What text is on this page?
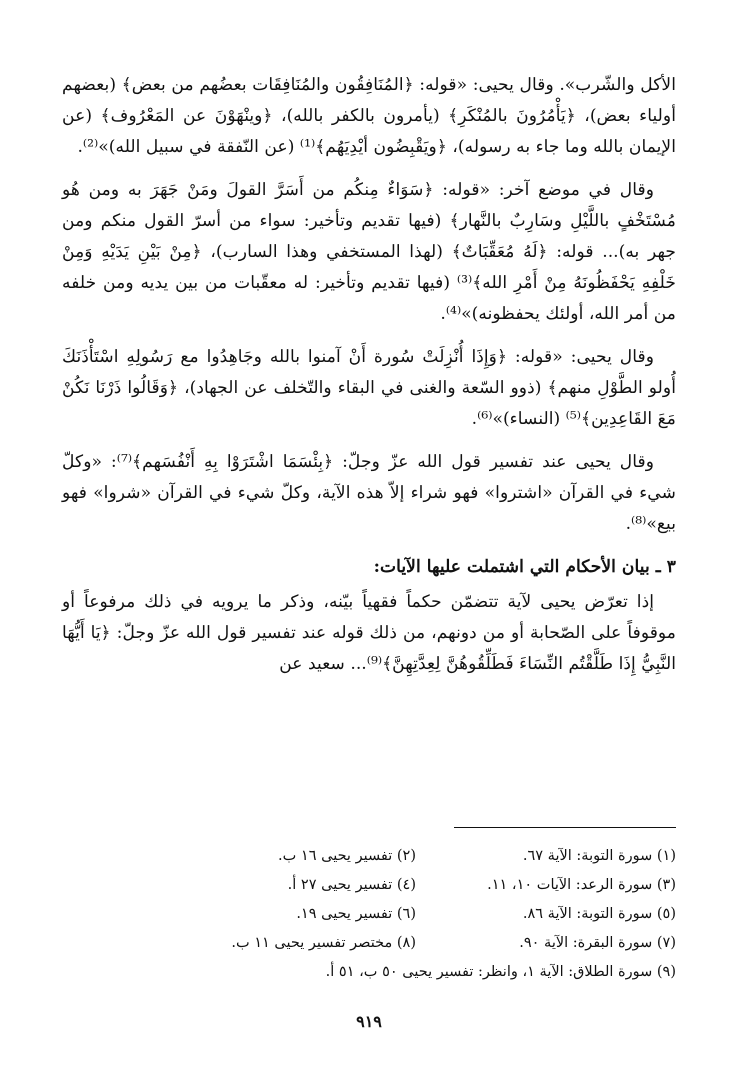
الأكل والشّرب». وقال يحيى: «قوله: ﴿المُنَافِقُون والمُنَافِقَات بعضُهم من بعض﴾ (بعضهم أولياء بعض)، ﴿يَأْمُرُونَ بالمُنْكَرِ﴾ (يأمرون بالكفر بالله)، ﴿وينْهَوْنَ عن المَعْرُوف﴾ (عن الإيمان بالله وما جاء به رسوله)، ﴿ويَقْبِضُون أيْدِيَهُم﴾⁽¹⁾ (عن النّفقة في سبيل الله)»⁽²⁾.

وقال في موضع آخر: «قوله: ﴿سَوَاءٌ مِنكُم من أَسَرَّ القولَ ومَنْ جَهَرَ به ومن هُو مُسْتَخْفٍ باللَّيْلِ وسَارِبٌ بالنَّهار﴾ (فيها تقديم وتأخير: سواء من أسرّ القول منكم ومن جهر به)... قوله: ﴿لَهُ مُعَقِّبَاتٌ﴾ (لهذا المستخفي وهذا السارب)، ﴿مِنْ بَيْنِ يَدَيْهِ وَمِنْ خَلْفِهِ يَحْفَظُونَهُ مِنْ أَمْرِ الله﴾⁽³⁾ (فيها تقديم وتأخير: له معقّبات من بين يديه ومن خلفه من أمر الله، أولئك يحفظونه)»⁽⁴⁾.

وقال يحيى: «قوله: ﴿وَإِذَا أُنْزِلَتْ سُورة أَنْ آمنوا بالله وجَاهِدُوا مع رَسُولِهِ اسْتَأْذَنَكَ أُولو الطَّوْلِ منهم﴾ (ذوو السّعة والغنى في البقاء والتّخلف عن الجهاد)، ﴿وَقَالُوا ذَرْنَا نَكُنْ مَعَ القَاعِدِين﴾⁽⁵⁾ (النساء)»⁽⁶⁾.

وقال يحيى عند تفسير قول الله عزّ وجلّ: ﴿بِئْسَمَا اشْتَرَوْا بِهِ أَنْفُسَهم﴾⁽⁷⁾: «وكلّ شيء في القرآن «اشتروا» فهو شراء إلاّ هذه الآية، وكلّ شيء في القرآن «شروا» فهو بيع»⁽⁸⁾.

٣ ـ بيان الأحكام التي اشتملت عليها الآيات:

إذا تعرّض يحيى لآية تتضمّن حكماً فقهياً بيّنه، وذكر ما يرويه في ذلك مرفوعاً أو موقوفاً على الصّحابة أو من دونهم، من ذلك قوله عند تفسير قول الله عزّ وجلّ: ﴿يَا أَيُّهَا النَّبِيُّ إِذَا طَلَّقْتُم النِّسَاءَ فَطَلِّقُوهُنَّ لِعِدَّتِهِنَّ﴾⁽⁹⁾... سعيد عن

(١) سورة التوبة: الآية ٦٧.
(٢) تفسير يحيى ١٦ ب.
(٣) سورة الرعد: الآيات ١٠، ١١.
(٤) تفسير يحيى ٢٧ أ.
(٥) سورة التوبة: الآية ٨٦.
(٦) تفسير يحيى ١٩.
(٧) سورة البقرة: الآية ٩٠.
(٨) مختصر تفسير يحيى ١١ ب.
(٩) سورة الطلاق: الآية ١، وانظر: تفسير يحيى ٥٠ ب، ٥١ أ.
٩١٩
